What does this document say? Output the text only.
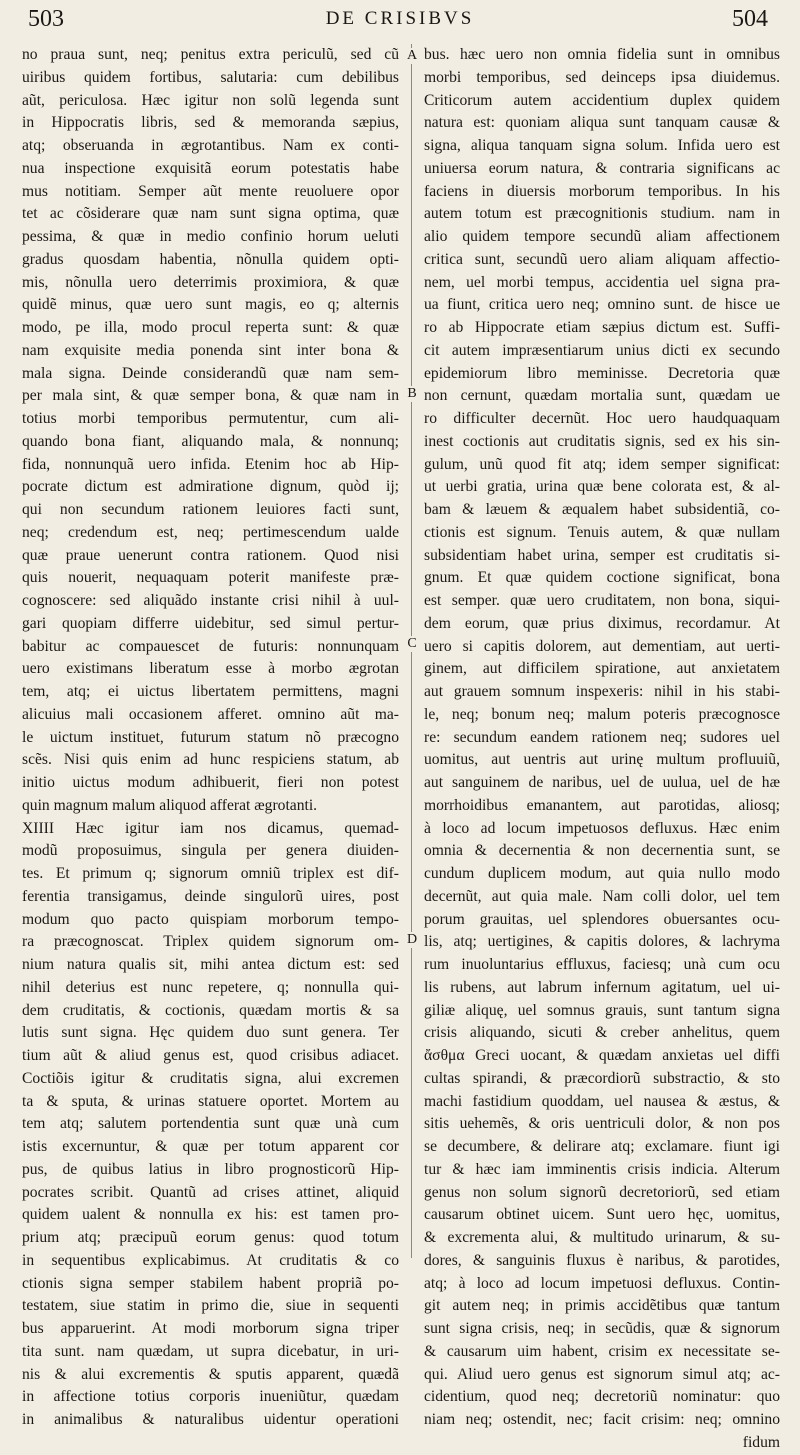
503	DE CRISIBVS	504
no praua sunt, neq; penitus extra periculũ, sed cũ
uiribus quidem fortibus, salutaria: cum debilibus
aũt, periculosa. Hæc igitur non solũ legenda sunt
in Hippocratis libris, sed & memoranda sæpius,
atq; obseruanda in ægrotantibus. Nam ex conti-
nua inspectione exquisitã eorum potestatis habe
mus notitiam. Semper aũt mente reuoluere opor
tet ac cõsiderare quæ nam sunt signa optima, quæ
pessima, & quæ in medio confinio horum ueluti
gradus quosdam habentia, nõnulla quidem opti-
mis, nõnulla uero deterrimis proximiora, & quæ
quidẽ minus, quæ uero sunt magis, eo q; alternis
modo, pe illa, modo procul reperta sunt: & quæ
nam exquisite media ponenda sint inter bona &
mala signa. Deinde considerandũ quæ nam sem-
per mala sint, & quæ semper bona, & quæ nam in
totius morbi temporibus permutentur, cum ali-
quando bona fiant, aliquando mala, & nonnunq;
fida, nonnunquã uero infida. Etenim hoc ab Hip-
pocrate dictum est admiratione dignum, quòd ij;
qui non secundum rationem leuiores facti sunt,
neq; credendum est, neq; pertimescendum ualde
quæ praue uenerunt contra rationem. Quod nisi
quis nouerit, nequaquam poterit manifeste præ-
cognoscere: sed aliquãdo instante crisi nihil à uul-
gari quopiam differre uidebitur, sed simul pertur-
babitur ac compauescet de futuris: nonnunquam
uero existimans liberatum esse à morbo ægrotan
tem, atq; ei uictus libertatem permittens, magni
alicuius mali occasionem afferet. omnino aũt ma-
le uictum instituet, futurum statum nõ præcogno
scẽs. Nisi quis enim ad hunc respiciens statum, ab
initio uictus modum adhibuerit, fieri non potest
quin magnum malum aliquod afferat ægrotanti.
XIIII Hæc igitur iam nos dicamus, quemad-
modũ proposuimus, singula per genera diuiden-
tes. Et primum q; signorum omniũ triplex est dif-
ferentia transigamus, deinde singulorũ uires, post
modum quo pacto quispiam morborum tempo-
ra præcognoscat. Triplex quidem signorum om-
nium natura qualis sit, mihi antea dictum est: sed
nihil deterius est nunc repetere, q; nonnulla qui-
dem cruditatis, & coctionis, quædam mortis & sa
lutis sunt signa. Hęc quidem duo sunt genera. Ter
tium aũt & aliud genus est, quod crisibus adiacet.
Coctiõis igitur & cruditatis signa, alui excremen
ta & sputa, & urinas statuere oportet. Mortem au
tem atq; salutem portendentia sunt quæ unà cum
istis excernuntur, & quæ per totum apparent cor
pus, de quibus latius in libro prognosticorũ Hip-
pocrates scribit. Quantũ ad crises attinet, aliquid
quidem ualent & nonnulla ex his: est tamen pro-
prium atq; præcipuũ eorum genus: quod totum
in sequentibus explicabimus. At cruditatis & co
ctionis signa semper stabilem habent propriã po-
testatem, siue statim in primo die, siue in sequenti
bus apparuerint. At modi morborum signa triper
tita sunt. nam quædam, ut supra dicebatur, in uri-
nis & alui excrementis & sputis apparent, quædã
in affectione totius corporis inueniũtur, quædam
in animalibus & naturalibus uidentur operationi
A
B
C
D
bus. hæc uero non omnia fidelia sunt in omnibus
morbi temporibus, sed deinceps ipsa diuidemus.
Criticorum autem accidentium duplex quidem
natura est: quoniam aliqua sunt tanquam causæ &
signa, aliqua tanquam signa solum. Infida uero est
uniuersa eorum natura, & contraria significans ac
faciens in diuersis morborum temporibus. In his
autem totum est præcognitionis studium. nam in
alio quidem tempore secundũ aliam affectionem
critica sunt, secundũ uero aliam aliquam affectio-
nem, uel morbi tempus, accidentia uel signa pra-
ua fiunt, critica uero neq; omnino sunt. de hisce ue
ro ab Hippocrate etiam sæpius dictum est. Suffi-
cit autem impræsentiarum unius dicti ex secundo
epidemiorum libro meminisse. Decretoria quæ
non cernunt, quædam mortalia sunt, quædam ue
ro difficulter decernũt. Hoc uero haudquaquam
inest coctionis aut cruditatis signis, sed ex his sin-
gulum, unũ quod fit atq; idem semper significat:
ut uerbi gratia, urina quæ bene colorata est, & al-
bam & læuem & æqualem habet subsidentiã, co-
ctionis est signum. Tenuis autem, & quæ nullam
subsidentiam habet urina, semper est cruditatis si-
gnum. Et quæ quidem coctione significat, bona
est semper. quæ uero cruditatem, non bona, siqui-
dem eorum, quæ prius diximus, recordamur. At
uero si capitis dolorem, aut dementiam, aut uerti-
ginem, aut difficilem spiratione, aut anxietatem
aut grauem somnum inspexeris: nihil in his stabi-
le, neq; bonum neq; malum poteris præcognosce
re: secundum eandem rationem neq; sudores uel
uomitus, aut uentris aut urinę multum profluuiũ,
aut sanguinem de naribus, uel de uulua, uel de hæ
morrhoidibus emanantem, aut parotidas, aliosq;
à loco ad locum impetuosos defluxus. Hæc enim
omnia & decernentia & non decernentia sunt, se
cundum duplicem modum, aut quia nullo modo
decernũt, aut quia male. Nam colli dolor, uel tem
porum grauitas, uel splendores obuersantes ocu-
lis, atq; uertigines, & capitis dolores, & lachryma
rum inuoluntarius effluxus, faciesq; unà cum ocu
lis rubens, aut labrum infernum agitatum, uel ui-
giliæ aliquę, uel somnus grauis, sunt tantum signa
crisis aliquando, sicuti & creber anhelitus, quem
ἄσθμα Greci uocant, & quædam anxietas uel diffi
cultas spirandi, & præcordiorũ substractio, & sto
machi fastidium quoddam, uel nausea & æstus, &
sitis uehemẽs, & oris uentriculi dolor, & non pos
se decumbere, & delirare atq; exclamare. fiunt igi
tur & hæc iam imminentis crisis indicia. Alterum
genus non solum signorũ decretoriorũ, sed etiam
causarum obtinet uicem. Sunt uero hęc, uomitus,
& excrementa alui, & multitudo urinarum, & su-
dores, & sanguinis fluxus è naribus, & parotides,
atq; à loco ad locum impetuosi defluxus. Contin-
git autem neq; in primis accidẽtibus quæ tantum
sunt signa crisis, neq; in secũdis, quæ & signorum
& causarum uim habent, crisim ex necessitate se-
qui. Aliud uero genus est signorum simul atq; ac-
cidentium, quod neq; decretoriũ nominatur: quo
niam neq; ostendit, nec; facit crisim: neq; omnino
fidum
